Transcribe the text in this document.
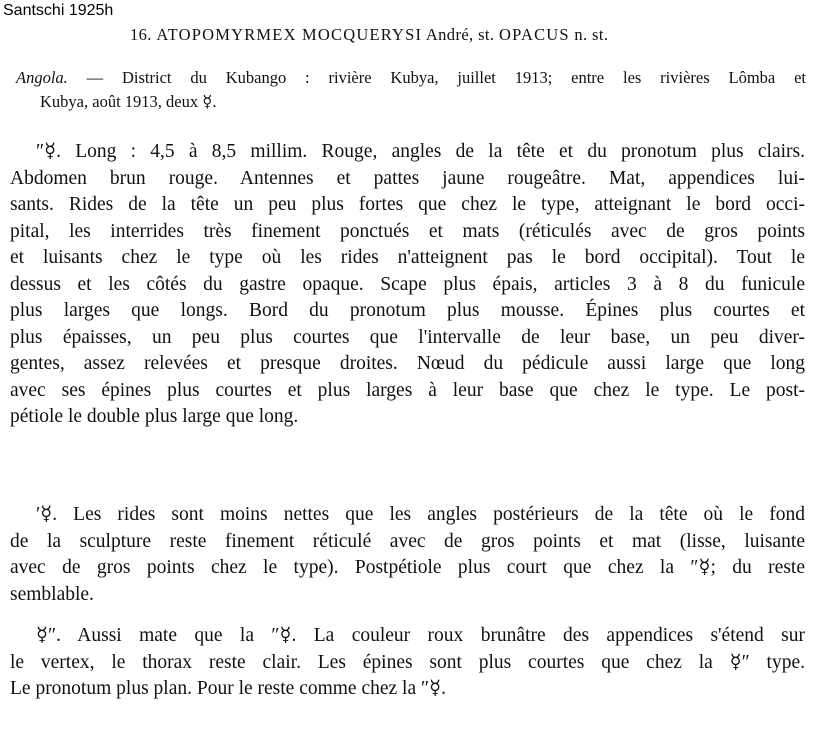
Santschi 1925h
16. ATOPOMYRMEX MOCQUERYSI André, st. OPACUS n. st.
Angola. — District du Kubango : rivière Kubya, juillet 1913; entre les rivières Lômba et
Kubya, août 1913, deux ☿.
″☿. Long : 4,5 à 8,5 millim. Rouge, angles de la tête et du pronotum plus clairs.
Abdomen brun rouge. Antennes et pattes jaune rougeâtre. Mat, appendices lui-
sants. Rides de la tête un peu plus fortes que chez le type, atteignant le bord occi-
pital, les interrides très finement ponctués et mats (réticulés avec de gros points
et luisants chez le type où les rides n'atteignent pas le bord occipital). Tout le
dessus et les côtés du gastre opaque. Scape plus épais, articles 3 à 8 du funicule
plus larges que longs. Bord du pronotum plus mousse. Épines plus courtes et
plus épaisses, un peu plus courtes que l'intervalle de leur base, un peu diver-
gentes, assez relevées et presque droites. Nœud du pédicule aussi large que long
avec ses épines plus courtes et plus larges à leur base que chez le type. Le post-
pétiole le double plus large que long.
′☿. Les rides sont moins nettes que les angles postérieurs de la tête où le fond
de la sculpture reste finement réticulé avec de gros points et mat (lisse, luisante
avec de gros points chez le type). Postpétiole plus court que chez la ″☿; du reste
semblable.
☿″. Aussi mate que la ″☿. La couleur roux brunâtre des appendices s'étend sur
le vertex, le thorax reste clair. Les épines sont plus courtes que chez la ☿″ type.
Le pronotum plus plan. Pour le reste comme chez la ″☿.
